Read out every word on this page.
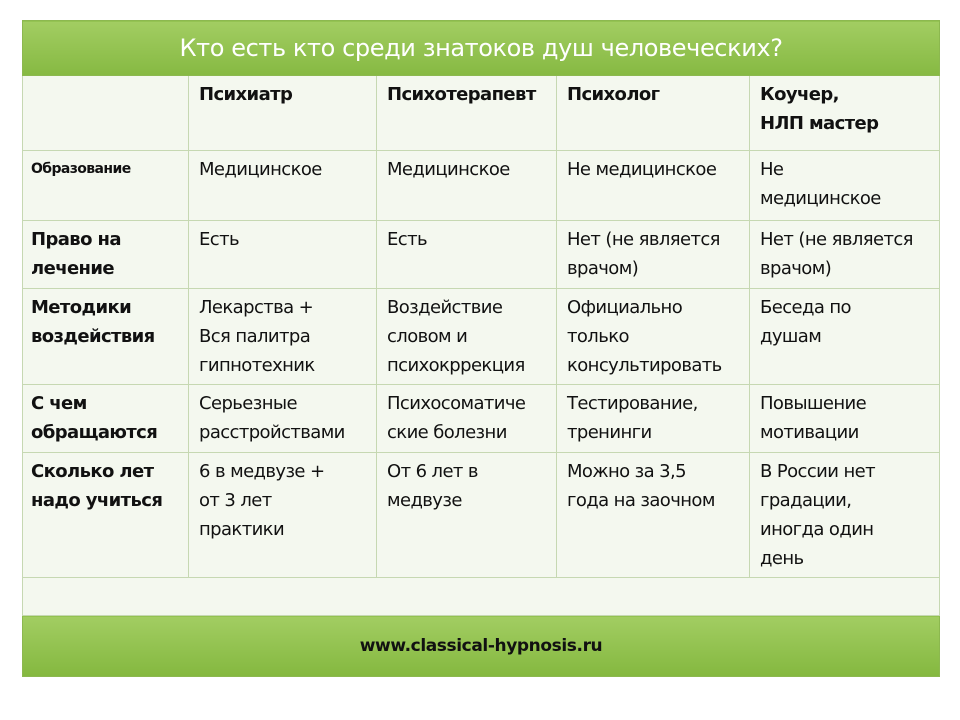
Кто есть кто среди знатоков душ человеческих?				

	Психиатр	Психотерапевт	Психолог	Коучер,
НЛП мастер

Образование	Медицинское	Медицинское	Не медицинское	Не
медицинское

Право на
лечение	Есть	Есть	Нет (не является
врачом)	Нет (не является
врачом)

Методики
воздействия	Лекарства +
Вся палитра
гипнотехник	Воздействие
словом и
психокррекция	Официально
только
консультировать	Беседа по
душам

С чем
обращаются	Серьезные
расстройствами	Психосоматиче
ские болезни	Тестирование,
тренинги	Повышение
мотивации

Сколько лет
надо учиться	6 в медвузе +
от 3 лет
практики	От 6 лет в
медвузе	Можно за 3,5
года на заочном	В России нет
градации,
иногда один
день

www.classical-hypnosis.ru				
